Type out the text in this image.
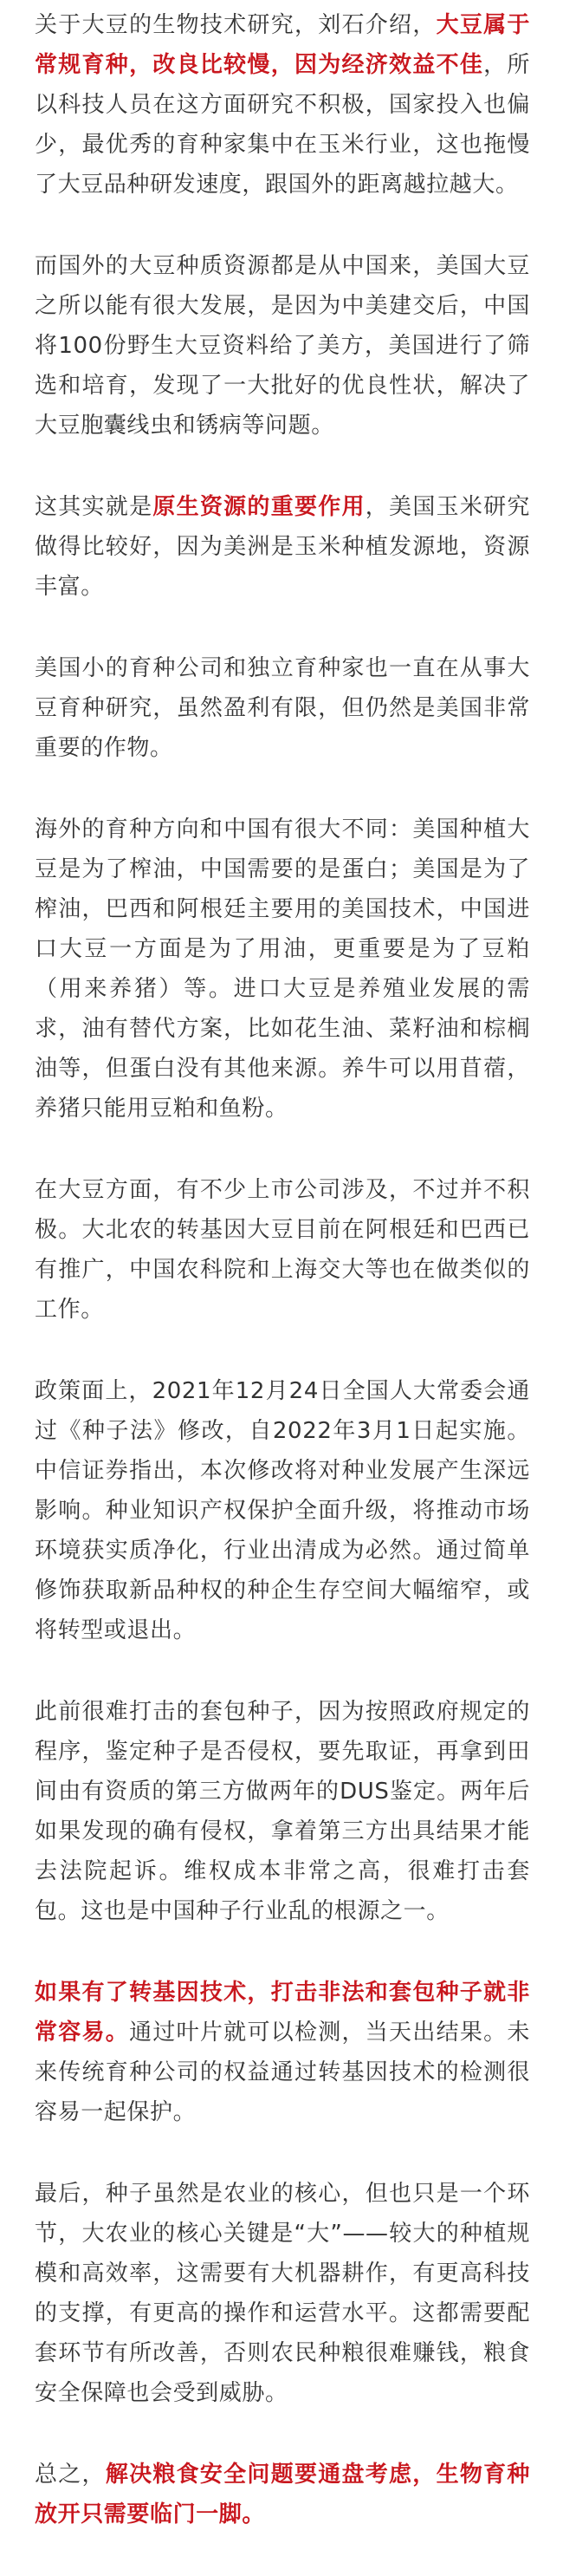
关于大豆的生物技术研究，刘石介绍，大豆属于常规育种，改良比较慢，因为经济效益不佳，所以科技人员在这方面研究不积极，国家投入也偏少，最优秀的育种家集中在玉米行业，这也拖慢了大豆品种研发速度，跟国外的距离越拉越大。

而国外的大豆种质资源都是从中国来，美国大豆之所以能有很大发展，是因为中美建交后，中国将100份野生大豆资料给了美方，美国进行了筛选和培育，发现了一大批好的优良性状，解决了大豆胞囊线虫和锈病等问题。

这其实就是原生资源的重要作用，美国玉米研究做得比较好，因为美洲是玉米种植发源地，资源丰富。

美国小的育种公司和独立育种家也一直在从事大豆育种研究，虽然盈利有限，但仍然是美国非常重要的作物。

海外的育种方向和中国有很大不同：美国种植大豆是为了榨油，中国需要的是蛋白；美国是为了榨油，巴西和阿根廷主要用的美国技术，中国进口大豆一方面是为了用油，更重要是为了豆粕（用来养猪）等。进口大豆是养殖业发展的需求，油有替代方案，比如花生油、菜籽油和棕榈油等，但蛋白没有其他来源。养牛可以用苜蓿，养猪只能用豆粕和鱼粉。

在大豆方面，有不少上市公司涉及，不过并不积极。大北农的转基因大豆目前在阿根廷和巴西已有推广，中国农科院和上海交大等也在做类似的工作。

政策面上，2021年12月24日全国人大常委会通过《种子法》修改，自2022年3月1日起实施。中信证券指出，本次修改将对种业发展产生深远影响。种业知识产权保护全面升级，将推动市场环境获实质净化，行业出清成为必然。通过简单修饰获取新品种权的种企生存空间大幅缩窄，或将转型或退出。

此前很难打击的套包种子，因为按照政府规定的程序，鉴定种子是否侵权，要先取证，再拿到田间由有资质的第三方做两年的DUS鉴定。两年后如果发现的确有侵权，拿着第三方出具结果才能去法院起诉。维权成本非常之高，很难打击套包。这也是中国种子行业乱的根源之一。

如果有了转基因技术，打击非法和套包种子就非常容易。通过叶片就可以检测，当天出结果。未来传统育种公司的权益通过转基因技术的检测很容易一起保护。

最后，种子虽然是农业的核心，但也只是一个环节，大农业的核心关键是“大”——较大的种植规模和高效率，这需要有大机器耕作，有更高科技的支撑，有更高的操作和运营水平。这都需要配套环节有所改善，否则农民种粮很难赚钱，粮食安全保障也会受到威胁。

总之，解决粮食安全问题要通盘考虑，生物育种放开只需要临门一脚。
